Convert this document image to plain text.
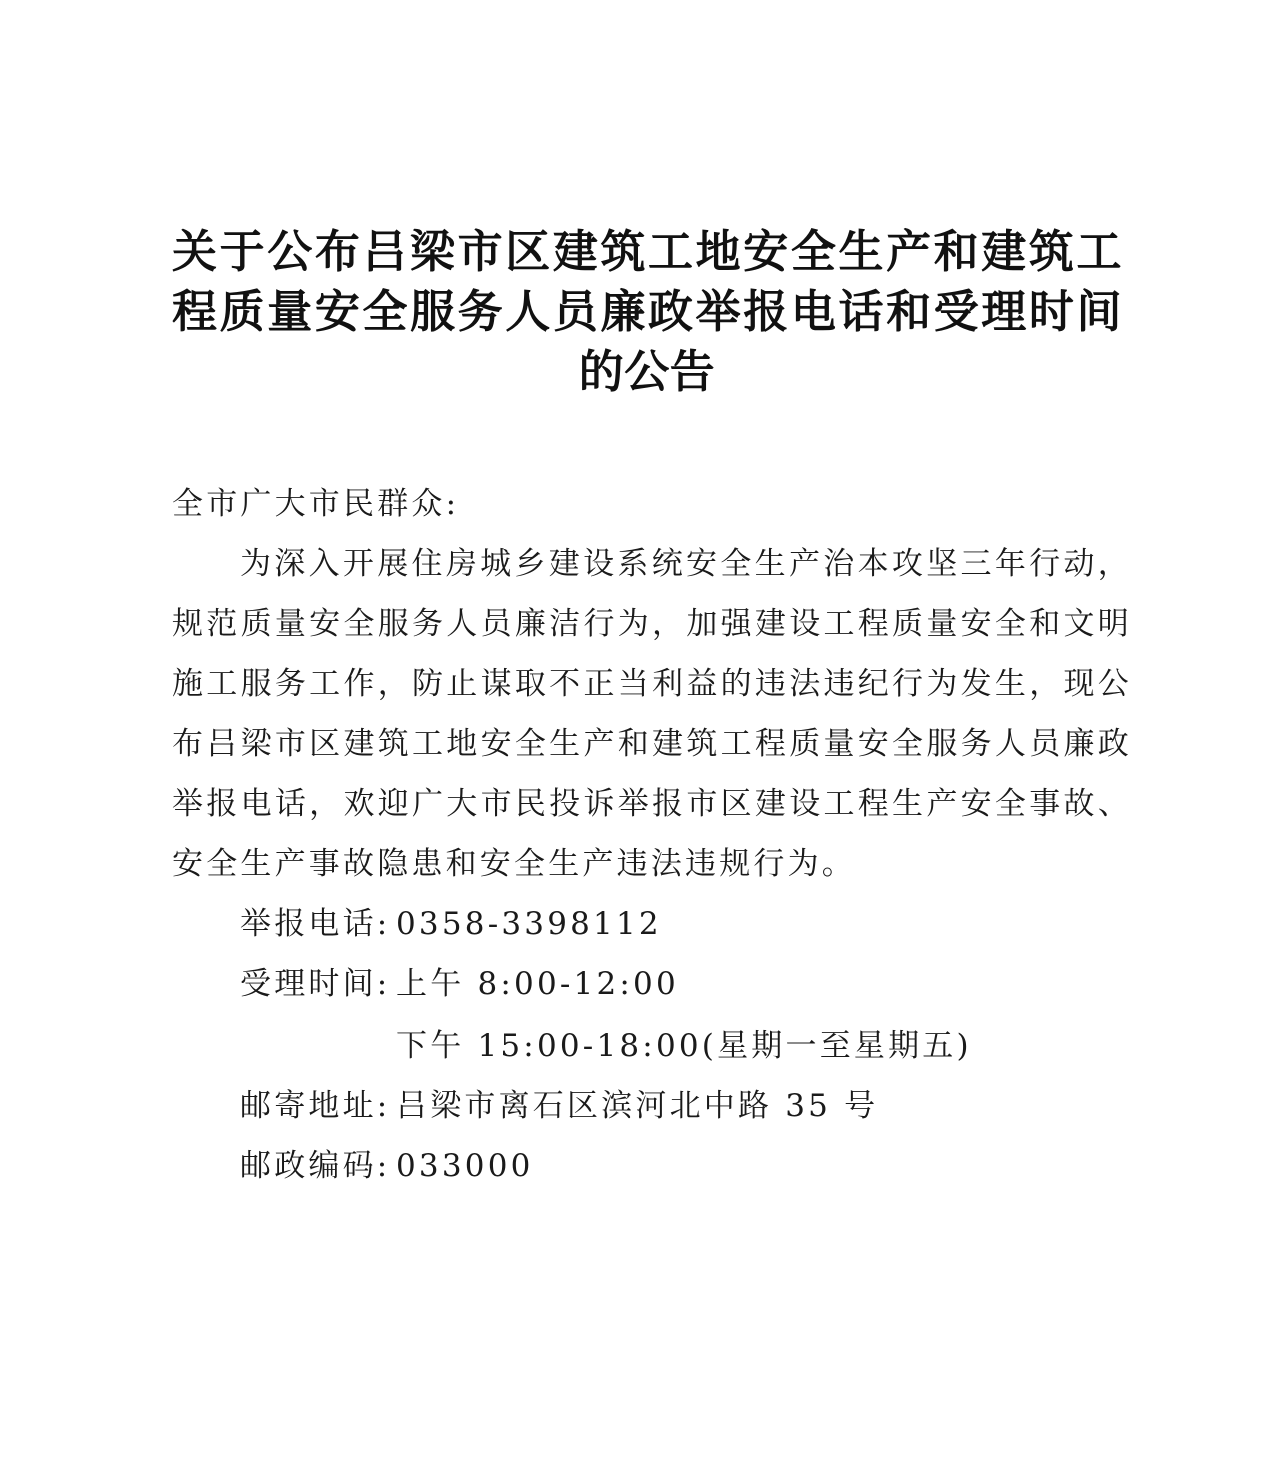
关于公布吕梁市区建筑工地安全生产和建筑工程质量安全服务人员廉政举报电话和受理时间的公告

全市广大市民群众:

为深入开展住房城乡建设系统安全生产治本攻坚三年行动，规范质量安全服务人员廉洁行为，加强建设工程质量安全和文明施工服务工作，防止谋取不正当利益的违法违纪行为发生，现公布吕梁市区建筑工地安全生产和建筑工程质量安全服务人员廉政举报电话，欢迎广大市民投诉举报市区建设工程生产安全事故、安全生产事故隐患和安全生产违法违规行为。

举报电话: 0358-3398112
受理时间: 上午 8:00-12:00
下午 15:00-18:00(星期一至星期五)
邮寄地址: 吕梁市离石区滨河北中路 35 号
邮政编码: 033000
